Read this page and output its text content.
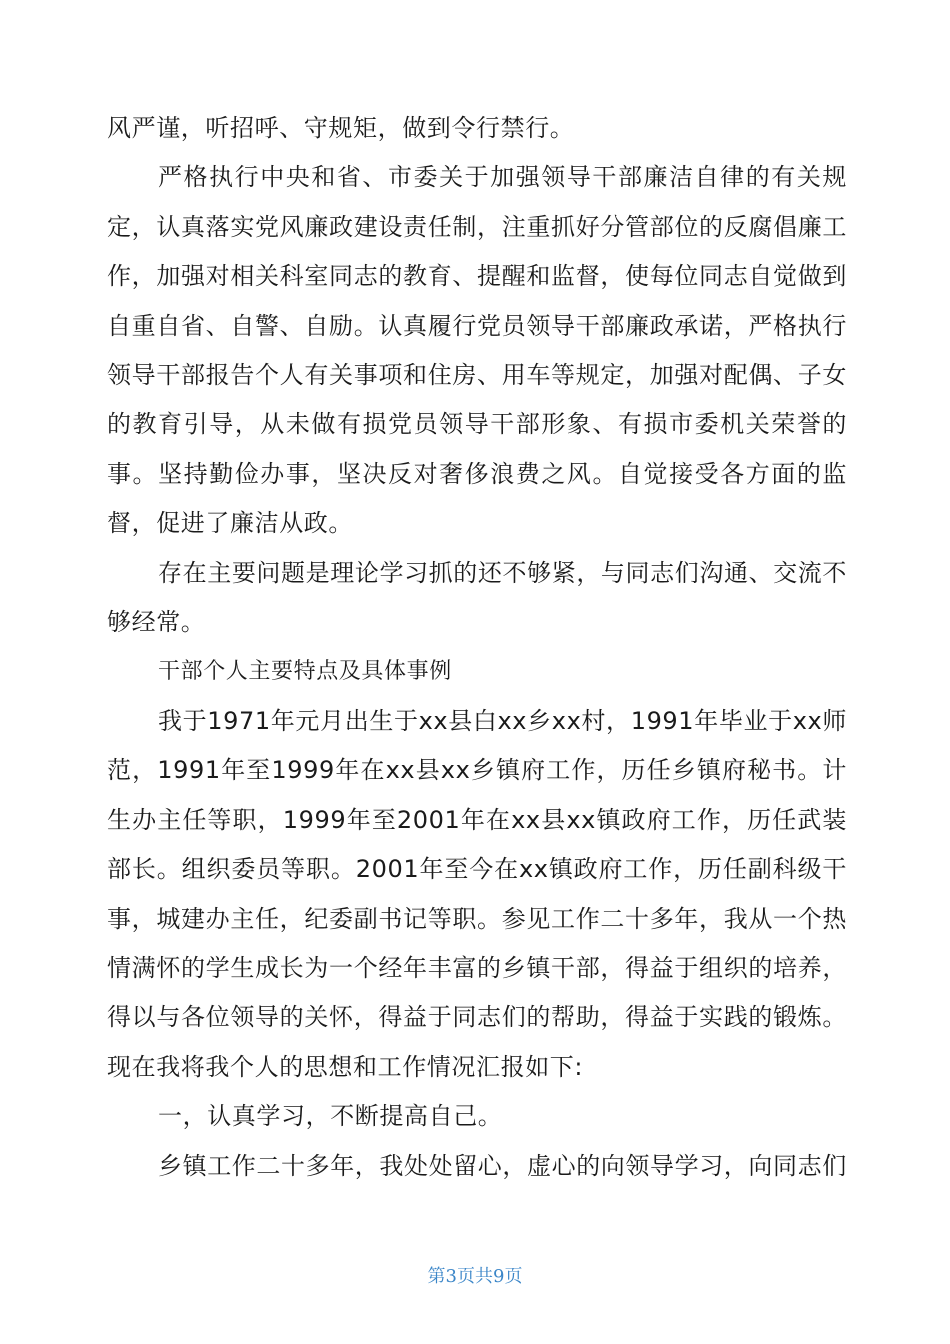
风严谨，听招呼、守规矩，做到令行禁行。

严格执行中央和省、市委关于加强领导干部廉洁自律的有关规定，认真落实党风廉政建设责任制，注重抓好分管部位的反腐倡廉工作，加强对相关科室同志的教育、提醒和监督，使每位同志自觉做到自重自省、自警、自励。认真履行党员领导干部廉政承诺，严格执行领导干部报告个人有关事项和住房、用车等规定，加强对配偶、子女的教育引导，从未做有损党员领导干部形象、有损市委机关荣誉的事。坚持勤俭办事，坚决反对奢侈浪费之风。自觉接受各方面的监督，促进了廉洁从政。

存在主要问题是理论学习抓的还不够紧，与同志们沟通、交流不够经常。

干部个人主要特点及具体事例

我于1971年元月出生于xx县白xx乡xx村，1991年毕业于xx师范，1991年至1999年在xx县xx乡镇府工作，历任乡镇府秘书。计生办主任等职，1999年至2001年在xx县xx镇政府工作，历任武装部长。组织委员等职。2001年至今在xx镇政府工作，历任副科级干事，城建办主任，纪委副书记等职。参见工作二十多年，我从一个热情满怀的学生成长为一个经年丰富的乡镇干部，得益于组织的培养，得以与各位领导的关怀，得益于同志们的帮助，得益于实践的锻炼。现在我将我个人的思想和工作情况汇报如下:

一，认真学习，不断提高自己。

乡镇工作二十多年，我处处留心，虚心的向领导学习，向同志们

第3页共9页
